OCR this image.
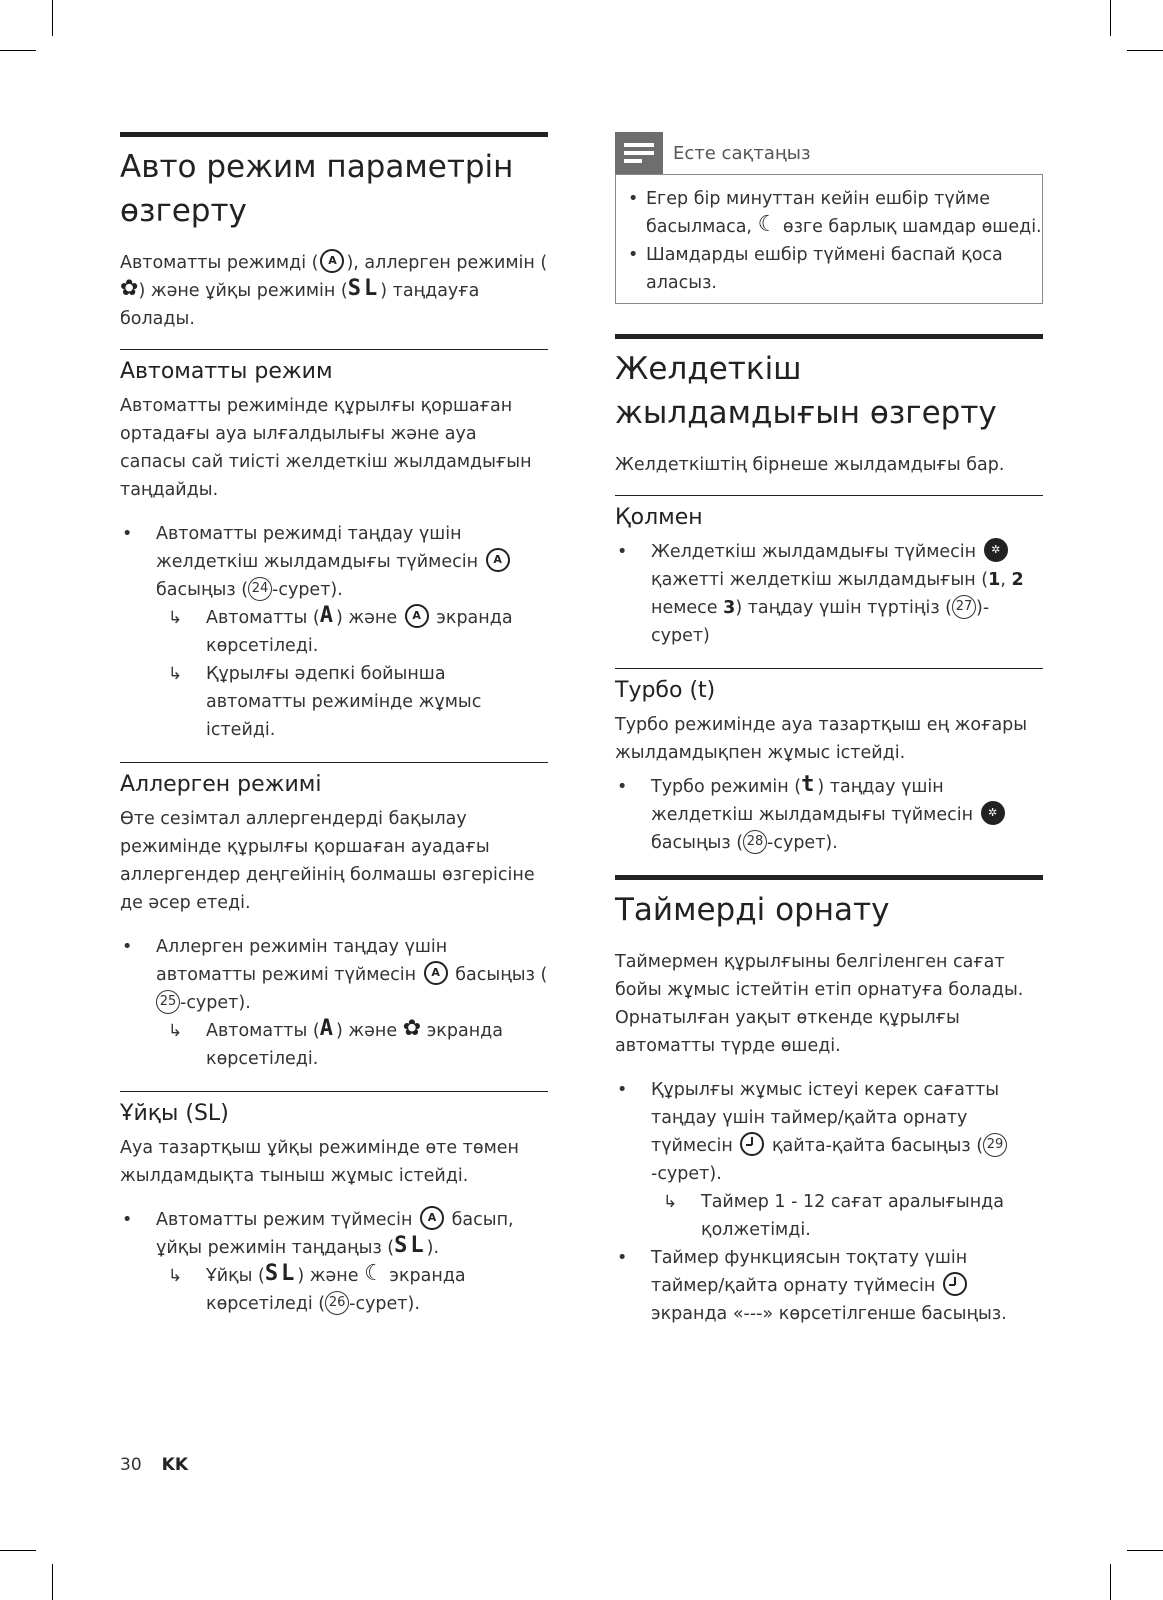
Авто режим параметрін өзгерту

Автоматты режимді ( A ), аллерген режимін (✿) және ұйқы режимін (SL) таңдауға болады.

Автоматты режим

Автоматты режимінде құрылғы қоршаған ортадағы ауа ылғалдылығы және ауа сапасы сай тиісті желдеткіш жылдамдығын таңдайды.

• Автоматты режимді таңдау үшін желдеткіш жылдамдығы түймесін A басыңыз ( 24 -сурет).
↳ Автоматты (A) және A экранда көрсетіледі.
↳ Құрылғы әдепкі бойынша автоматты режимінде жұмыс істейді.
Аллерген режимі

Өте сезімтал аллергендерді бақылау режимінде құрылғы қоршаған ауадағы аллергендер деңгейінің болмашы өзгерісіне де әсер етеді.

• Аллерген режимін таңдау үшін автоматты режимі түймесін A басыңыз (25 -сурет).
↳ Автоматты (A) және ✿ экранда көрсетіледі.
Ұйқы (SL)

Ауа тазартқыш ұйқы режимінде өте төмен жылдамдықта тыныш жұмыс істейді.

• Автоматты режим түймесін A басып, ұйқы режимін таңдаңыз (SL).
↳ Ұйқы (SL) және ☾ экранда көрсетіледі ( 26 -сурет).
Есте сақтаңыз
• Егер бір минуттан кейін ешбір түйме басылмаса, ☾ өзге барлық шамдар өшеді.
• Шамдарды ешбір түймені баспай қоса аласыз.
Желдеткіш жылдамдығын өзгерту

Желдеткіштің бірнеше жылдамдығы бар.

Қолмен
• Желдеткіш жылдамдығы түймесін ✲ қажетті желдеткіш жылдамдығын (1, 2 немесе 3) таңдау үшін түртіңіз ( 27 )-сурет)
Турбо (t)

Турбо режимінде ауа тазартқыш ең жоғары жылдамдықпен жұмыс істейді.

• Турбо режимін (t) таңдау үшін желдеткіш жылдамдығы түймесін ✲ басыңыз ( 28 -сурет).
Таймерді орнату

Таймермен құрылғыны белгіленген сағат бойы жұмыс істейтін етіп орнатуға болады. Орнатылған уақыт өткенде құрылғы автоматты түрде өшеді.

• Құрылғы жұмыс істеуі керек сағатты таңдау үшін таймер/қайта орнату түймесін қайта-қайта басыңыз ( 29-сурет).
↳ Таймер 1 - 12 сағат аралығында қолжетімді.
• Таймер функциясын тоқтату үшін таймер/қайта орнату түймесін  экранда «---» көрсетілгенше басыңыз.
30 KK
